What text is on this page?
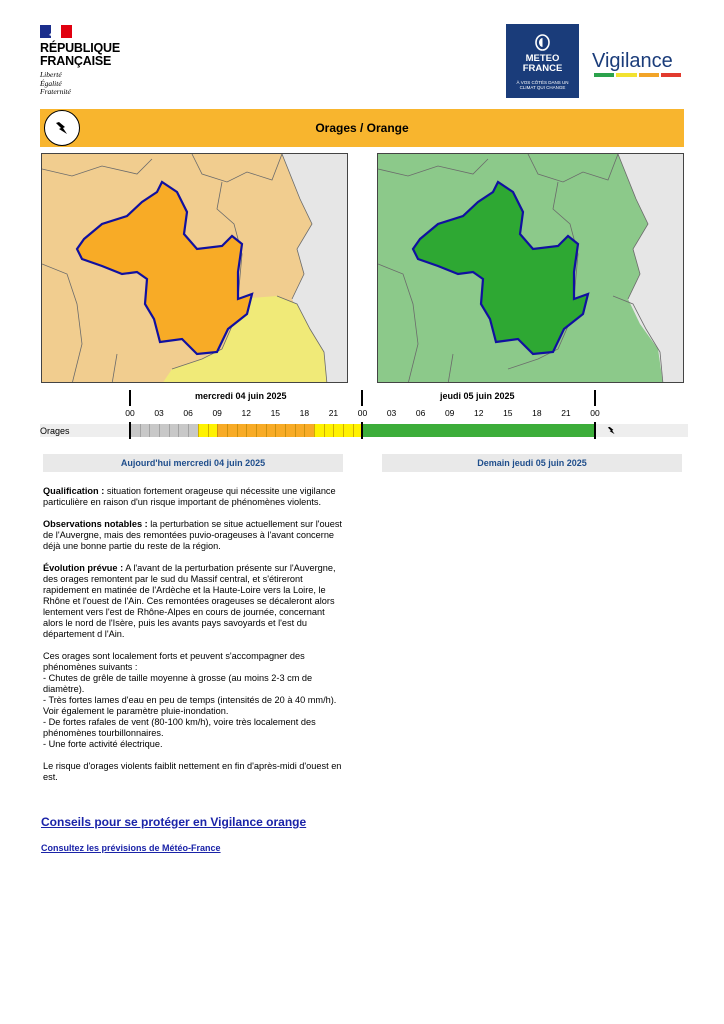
RÉPUBLIQUE
FRANÇAISE
Liberté
Égalité
Fraternité
METEO
FRANCE
À VOS CÔTÉS DANS UN
CLIMAT QUI CHANGE
Vigilance
Orages / Orange
mercredi 04 juin 2025	jeudi 05 juin 2025
00	03	06	09	12	15	18	21	00	03	06	09	12	15	18	21	00
Orages
Aujourd'hui mercredi 04 juin 2025	Demain jeudi 05 juin 2025

Qualification : situation fortement orageuse qui nécessite une vigilance particulière en raison d'un risque important de phénomènes violents.

Observations notables : la perturbation se situe actuellement sur l'ouest de l'Auvergne, mais des remontées puvio-orageuses à l'avant concerne déjà une bonne partie du reste de la région.

Évolution prévue : A l'avant de la perturbation présente sur l'Auvergne, des orages remontent par le sud du Massif central, et s'étireront rapidement en matinée de l'Ardèche et la Haute-Loire vers la Loire, le Rhône et l'ouest de l'Ain. Ces remontées orageuses se décaleront alors lentement vers l'est de Rhône-Alpes en cours de journée, concernant alors le nord de l'Isère, puis les avants pays savoyards et l'est du département d l'Ain.

Ces orages sont localement forts et peuvent s'accompagner des phénomènes suivants :
- Chutes de grêle de taille moyenne à grosse (au moins 2-3 cm de diamètre).
- Très fortes lames d'eau en peu de temps (intensités de 20 à 40 mm/h). Voir également le paramètre pluie-inondation.
- De fortes rafales de vent (80-100 km/h), voire très localement des phénomènes tourbillonnaires.
- Une forte activité électrique.

Le risque d'orages violents faiblit nettement en fin d'après-midi d'ouest en est.

Conseils pour se protéger en Vigilance orange
Consultez les prévisions de Météo-France
